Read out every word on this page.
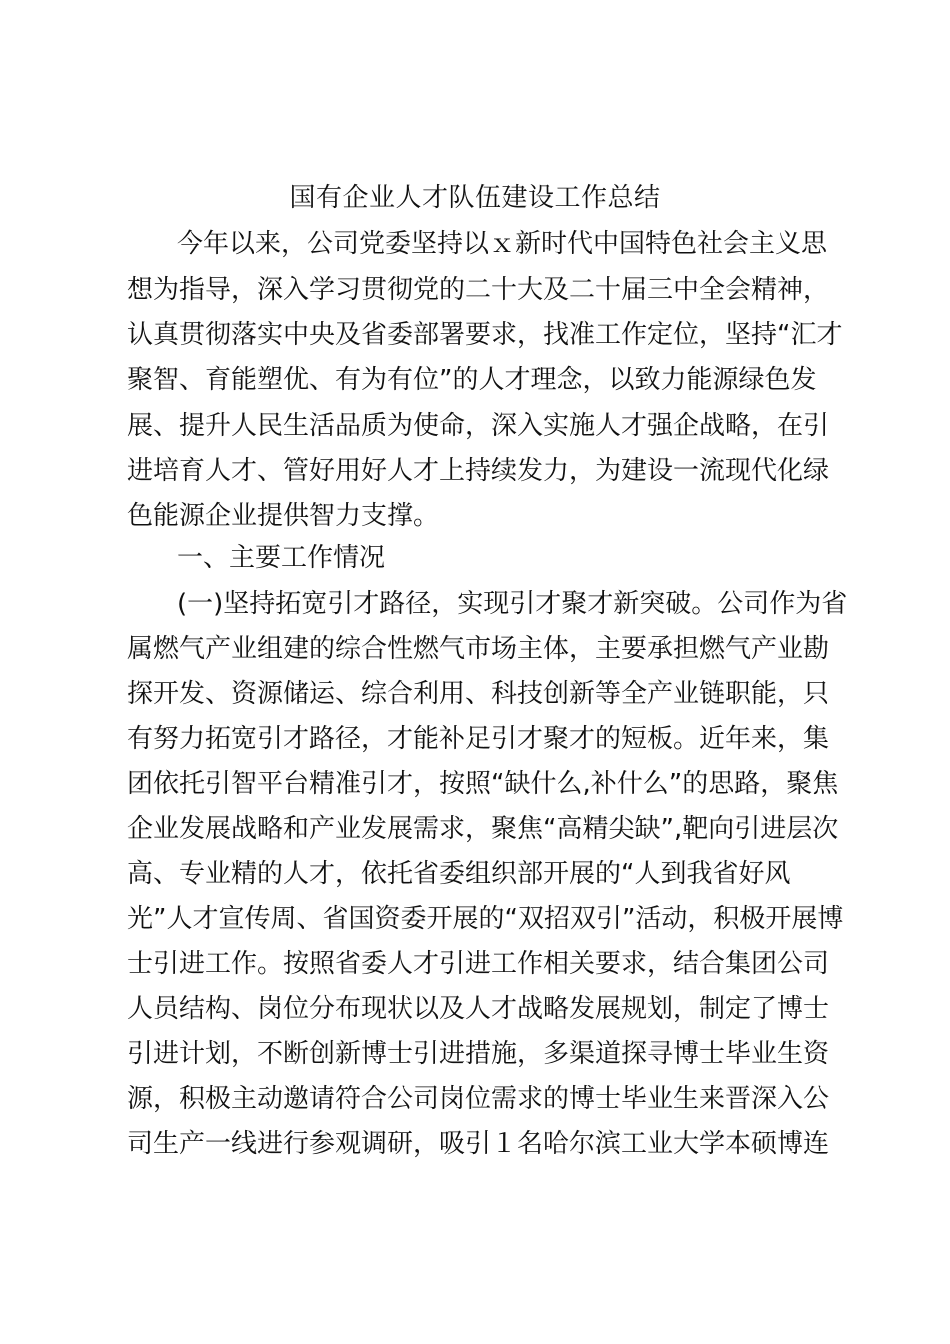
国有企业人才队伍建设工作总结
今年以来，公司党委坚持以ｘ新时代中国特色社会主义思
想为指导，深入学习贯彻党的二十大及二十届三中全会精神，
认真贯彻落实中央及省委部署要求，找准工作定位，坚持“汇才
聚智、育能塑优、有为有位”的人才理念，以致力能源绿色发
展、提升人民生活品质为使命，深入实施人才强企战略，在引
进培育人才、管好用好人才上持续发力，为建设一流现代化绿
色能源企业提供智力支撑。
一、主要工作情况
(一)坚持拓宽引才路径，实现引才聚才新突破。公司作为省
属燃气产业组建的综合性燃气市场主体，主要承担燃气产业勘
探开发、资源储运、综合利用、科技创新等全产业链职能，只
有努力拓宽引才路径，才能补足引才聚才的短板。近年来，集
团依托引智平台精准引才，按照“缺什么,补什么”的思路，聚焦
企业发展战略和产业发展需求，聚焦“高精尖缺”,靶向引进层次
高、专业精的人才，依托省委组织部开展的“人到我省好风
光”人才宣传周、省国资委开展的“双招双引”活动，积极开展博
士引进工作。按照省委人才引进工作相关要求，结合集团公司
人员结构、岗位分布现状以及人才战略发展规划，制定了博士
引进计划，不断创新博士引进措施，多渠道探寻博士毕业生资
源，积极主动邀请符合公司岗位需求的博士毕业生来晋深入公
司生产一线进行参观调研，吸引１名哈尔滨工业大学本硕博连
